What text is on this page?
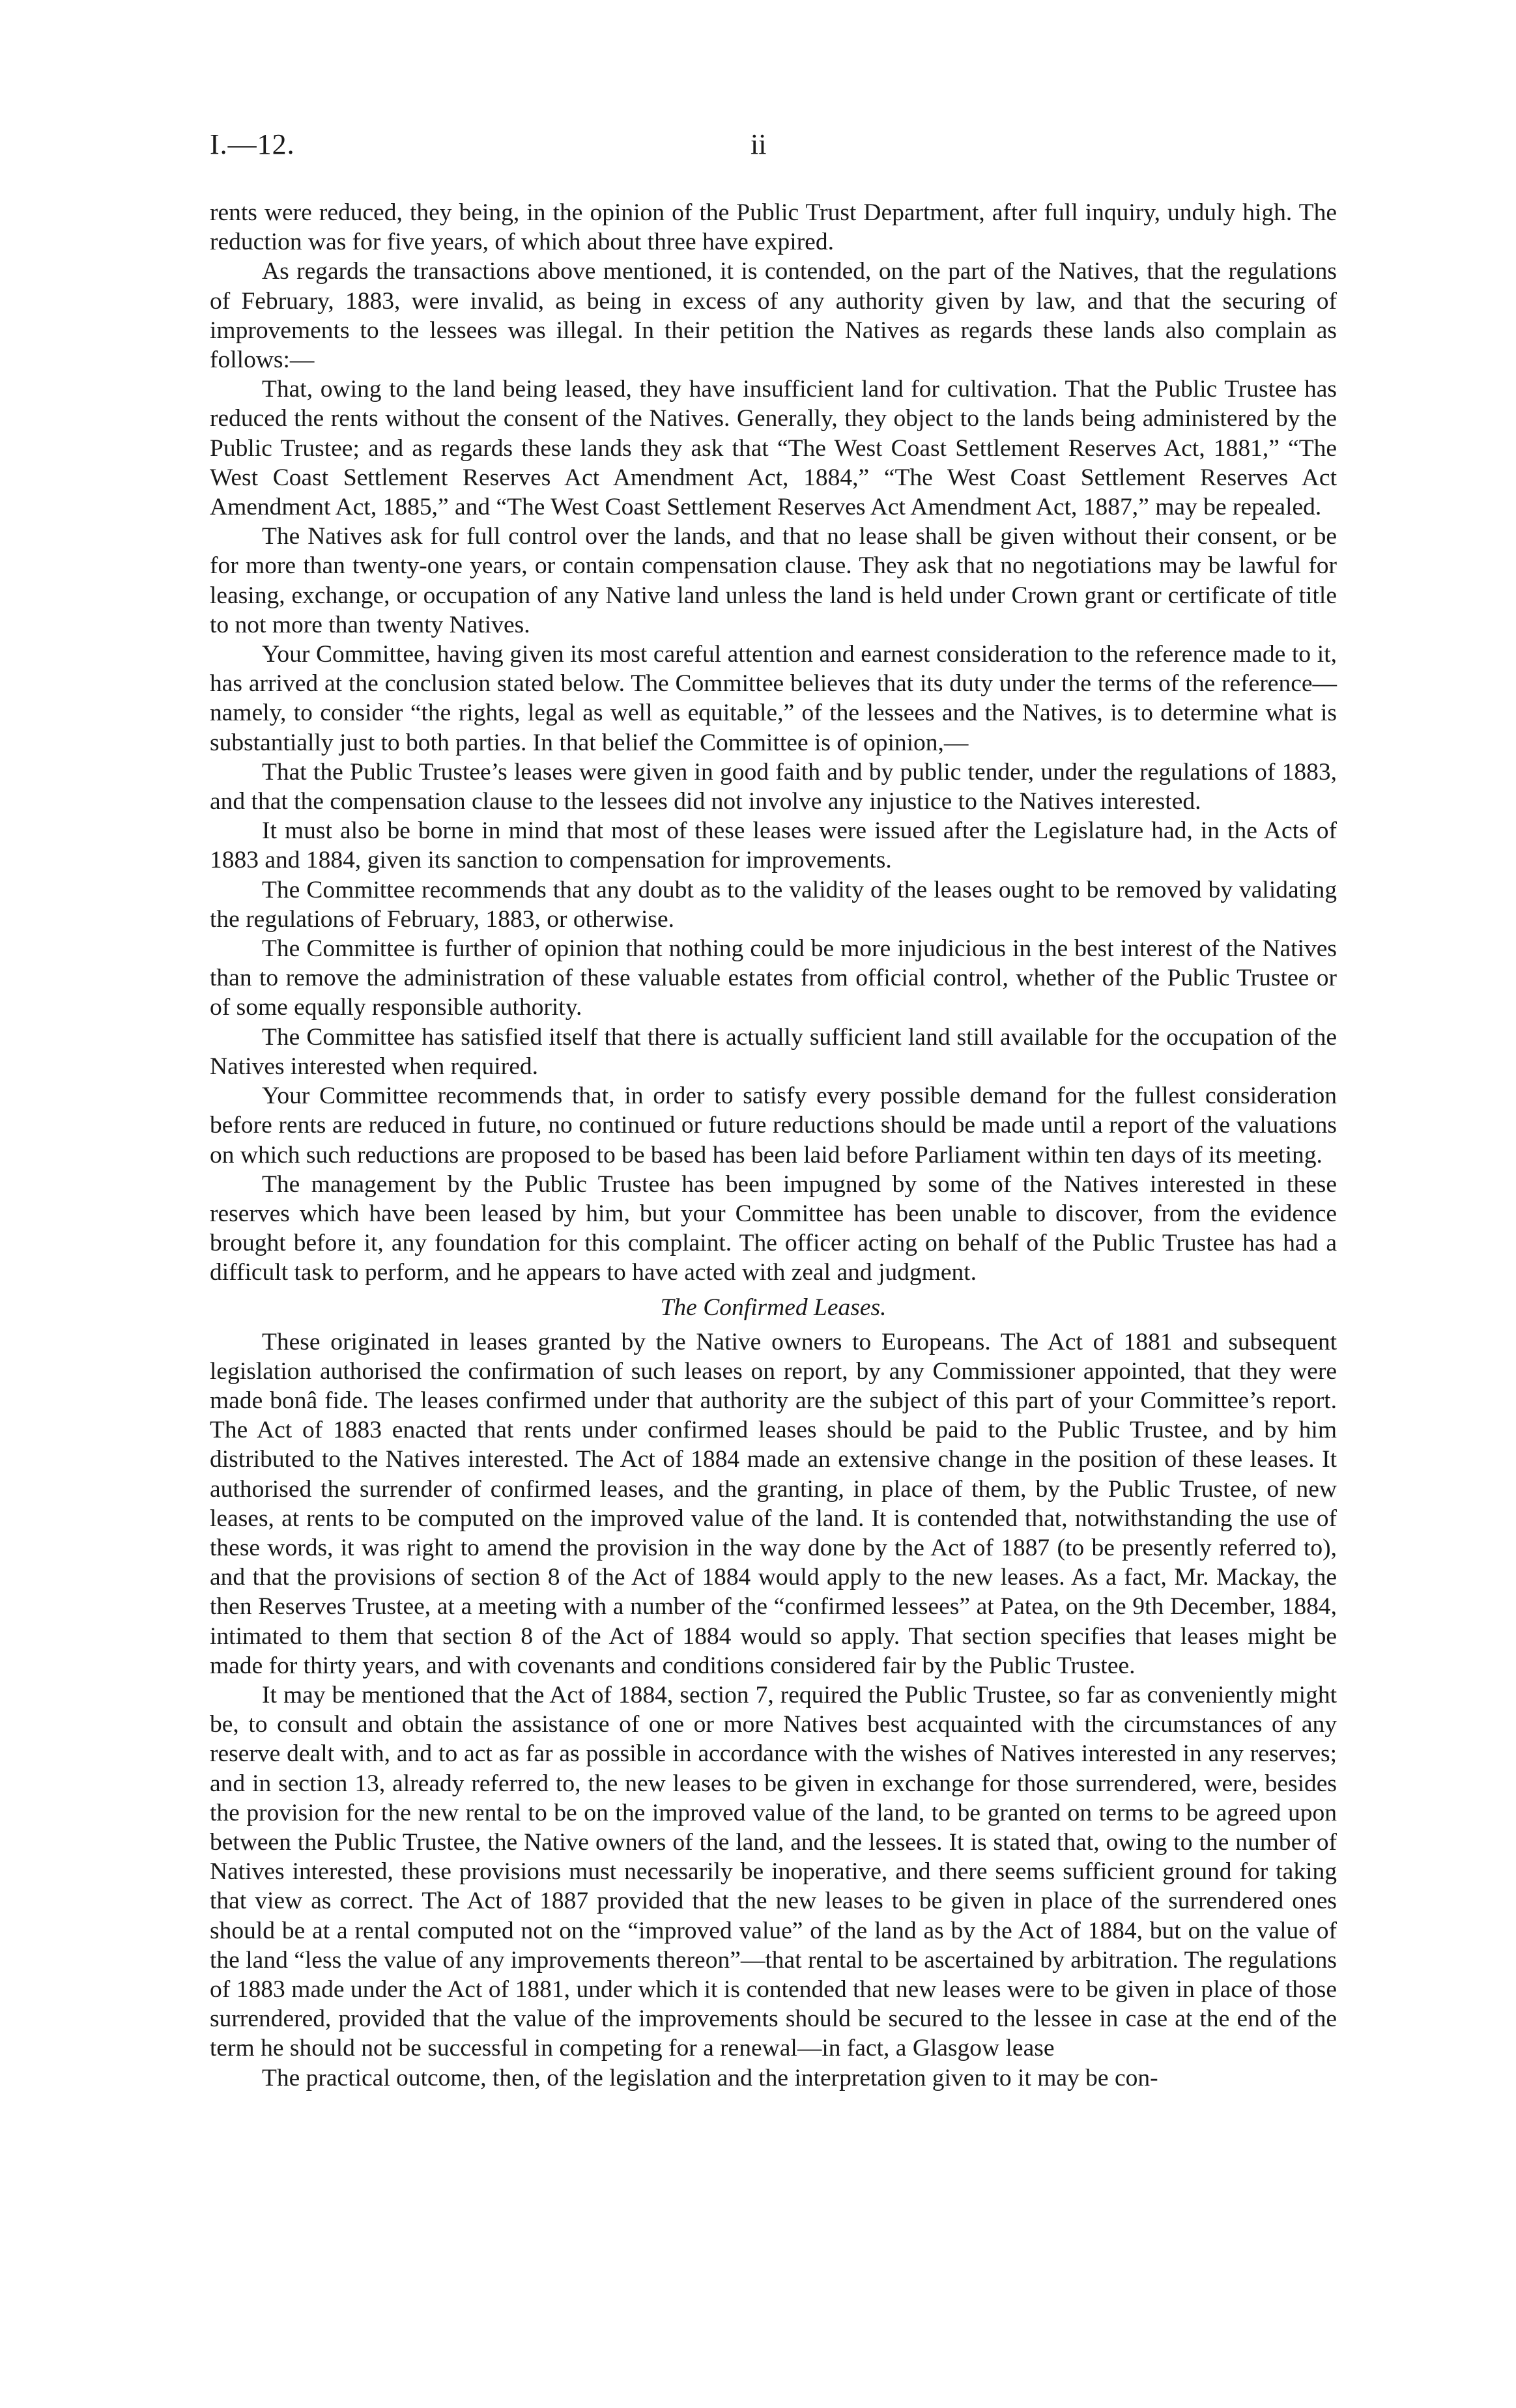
I.—12.	ii

rents were reduced, they being, in the opinion of the Public Trust Department, after full inquiry, unduly high. The reduction was for five years, of which about three have expired.

As regards the transactions above mentioned, it is contended, on the part of the Natives, that the regulations of February, 1883, were invalid, as being in excess of any authority given by law, and that the securing of improvements to the lessees was illegal. In their petition the Natives as regards these lands also complain as follows:—

That, owing to the land being leased, they have insufficient land for cultivation. That the Public Trustee has reduced the rents without the consent of the Natives. Generally, they object to the lands being administered by the Public Trustee; and as regards these lands they ask that “The West Coast Settlement Reserves Act, 1881,” “The West Coast Settlement Reserves Act Amendment Act, 1884,” “The West Coast Settlement Reserves Act Amendment Act, 1885,” and “The West Coast Settlement Reserves Act Amendment Act, 1887,” may be repealed.

The Natives ask for full control over the lands, and that no lease shall be given without their consent, or be for more than twenty-one years, or contain compensation clause. They ask that no negotiations may be lawful for leasing, exchange, or occupation of any Native land unless the land is held under Crown grant or certificate of title to not more than twenty Natives.

Your Committee, having given its most careful attention and earnest consideration to the reference made to it, has arrived at the conclusion stated below. The Committee believes that its duty under the terms of the reference—namely, to consider “the rights, legal as well as equitable,” of the lessees and the Natives, is to determine what is substantially just to both parties. In that belief the Committee is of opinion,—

That the Public Trustee’s leases were given in good faith and by public tender, under the regulations of 1883, and that the compensation clause to the lessees did not involve any injustice to the Natives interested.

It must also be borne in mind that most of these leases were issued after the Legislature had, in the Acts of 1883 and 1884, given its sanction to compensation for improvements.

The Committee recommends that any doubt as to the validity of the leases ought to be removed by validating the regulations of February, 1883, or otherwise.

The Committee is further of opinion that nothing could be more injudicious in the best interest of the Natives than to remove the administration of these valuable estates from official control, whether of the Public Trustee or of some equally responsible authority.

The Committee has satisfied itself that there is actually sufficient land still available for the occupation of the Natives interested when required.

Your Committee recommends that, in order to satisfy every possible demand for the fullest consideration before rents are reduced in future, no continued or future reductions should be made until a report of the valuations on which such reductions are proposed to be based has been laid before Parliament within ten days of its meeting.

The management by the Public Trustee has been impugned by some of the Natives interested in these reserves which have been leased by him, but your Committee has been unable to discover, from the evidence brought before it, any foundation for this complaint. The officer acting on behalf of the Public Trustee has had a difficult task to perform, and he appears to have acted with zeal and judgment.

The Confirmed Leases.

These originated in leases granted by the Native owners to Europeans. The Act of 1881 and subsequent legislation authorised the confirmation of such leases on report, by any Commissioner appointed, that they were made bonâ fide. The leases confirmed under that authority are the subject of this part of your Committee’s report. The Act of 1883 enacted that rents under confirmed leases should be paid to the Public Trustee, and by him distributed to the Natives interested. The Act of 1884 made an extensive change in the position of these leases. It authorised the surrender of confirmed leases, and the granting, in place of them, by the Public Trustee, of new leases, at rents to be computed on the improved value of the land. It is contended that, notwithstanding the use of these words, it was right to amend the provision in the way done by the Act of 1887 (to be presently referred to), and that the provisions of section 8 of the Act of 1884 would apply to the new leases. As a fact, Mr. Mackay, the then Reserves Trustee, at a meeting with a number of the “confirmed lessees” at Patea, on the 9th December, 1884, intimated to them that section 8 of the Act of 1884 would so apply. That section specifies that leases might be made for thirty years, and with covenants and conditions considered fair by the Public Trustee.

It may be mentioned that the Act of 1884, section 7, required the Public Trustee, so far as conveniently might be, to consult and obtain the assistance of one or more Natives best acquainted with the circumstances of any reserve dealt with, and to act as far as possible in accordance with the wishes of Natives interested in any reserves; and in section 13, already referred to, the new leases to be given in exchange for those surrendered, were, besides the provision for the new rental to be on the improved value of the land, to be granted on terms to be agreed upon between the Public Trustee, the Native owners of the land, and the lessees. It is stated that, owing to the number of Natives interested, these provisions must necessarily be inoperative, and there seems sufficient ground for taking that view as correct. The Act of 1887 provided that the new leases to be given in place of the surrendered ones should be at a rental computed not on the “improved value” of the land as by the Act of 1884, but on the value of the land “less the value of any improvements thereon”—that rental to be ascertained by arbitration. The regulations of 1883 made under the Act of 1881, under which it is contended that new leases were to be given in place of those surrendered, provided that the value of the improvements should be secured to the lessee in case at the end of the term he should not be successful in competing for a renewal—in fact, a Glasgow lease

The practical outcome, then, of the legislation and the interpretation given to it may be con-
